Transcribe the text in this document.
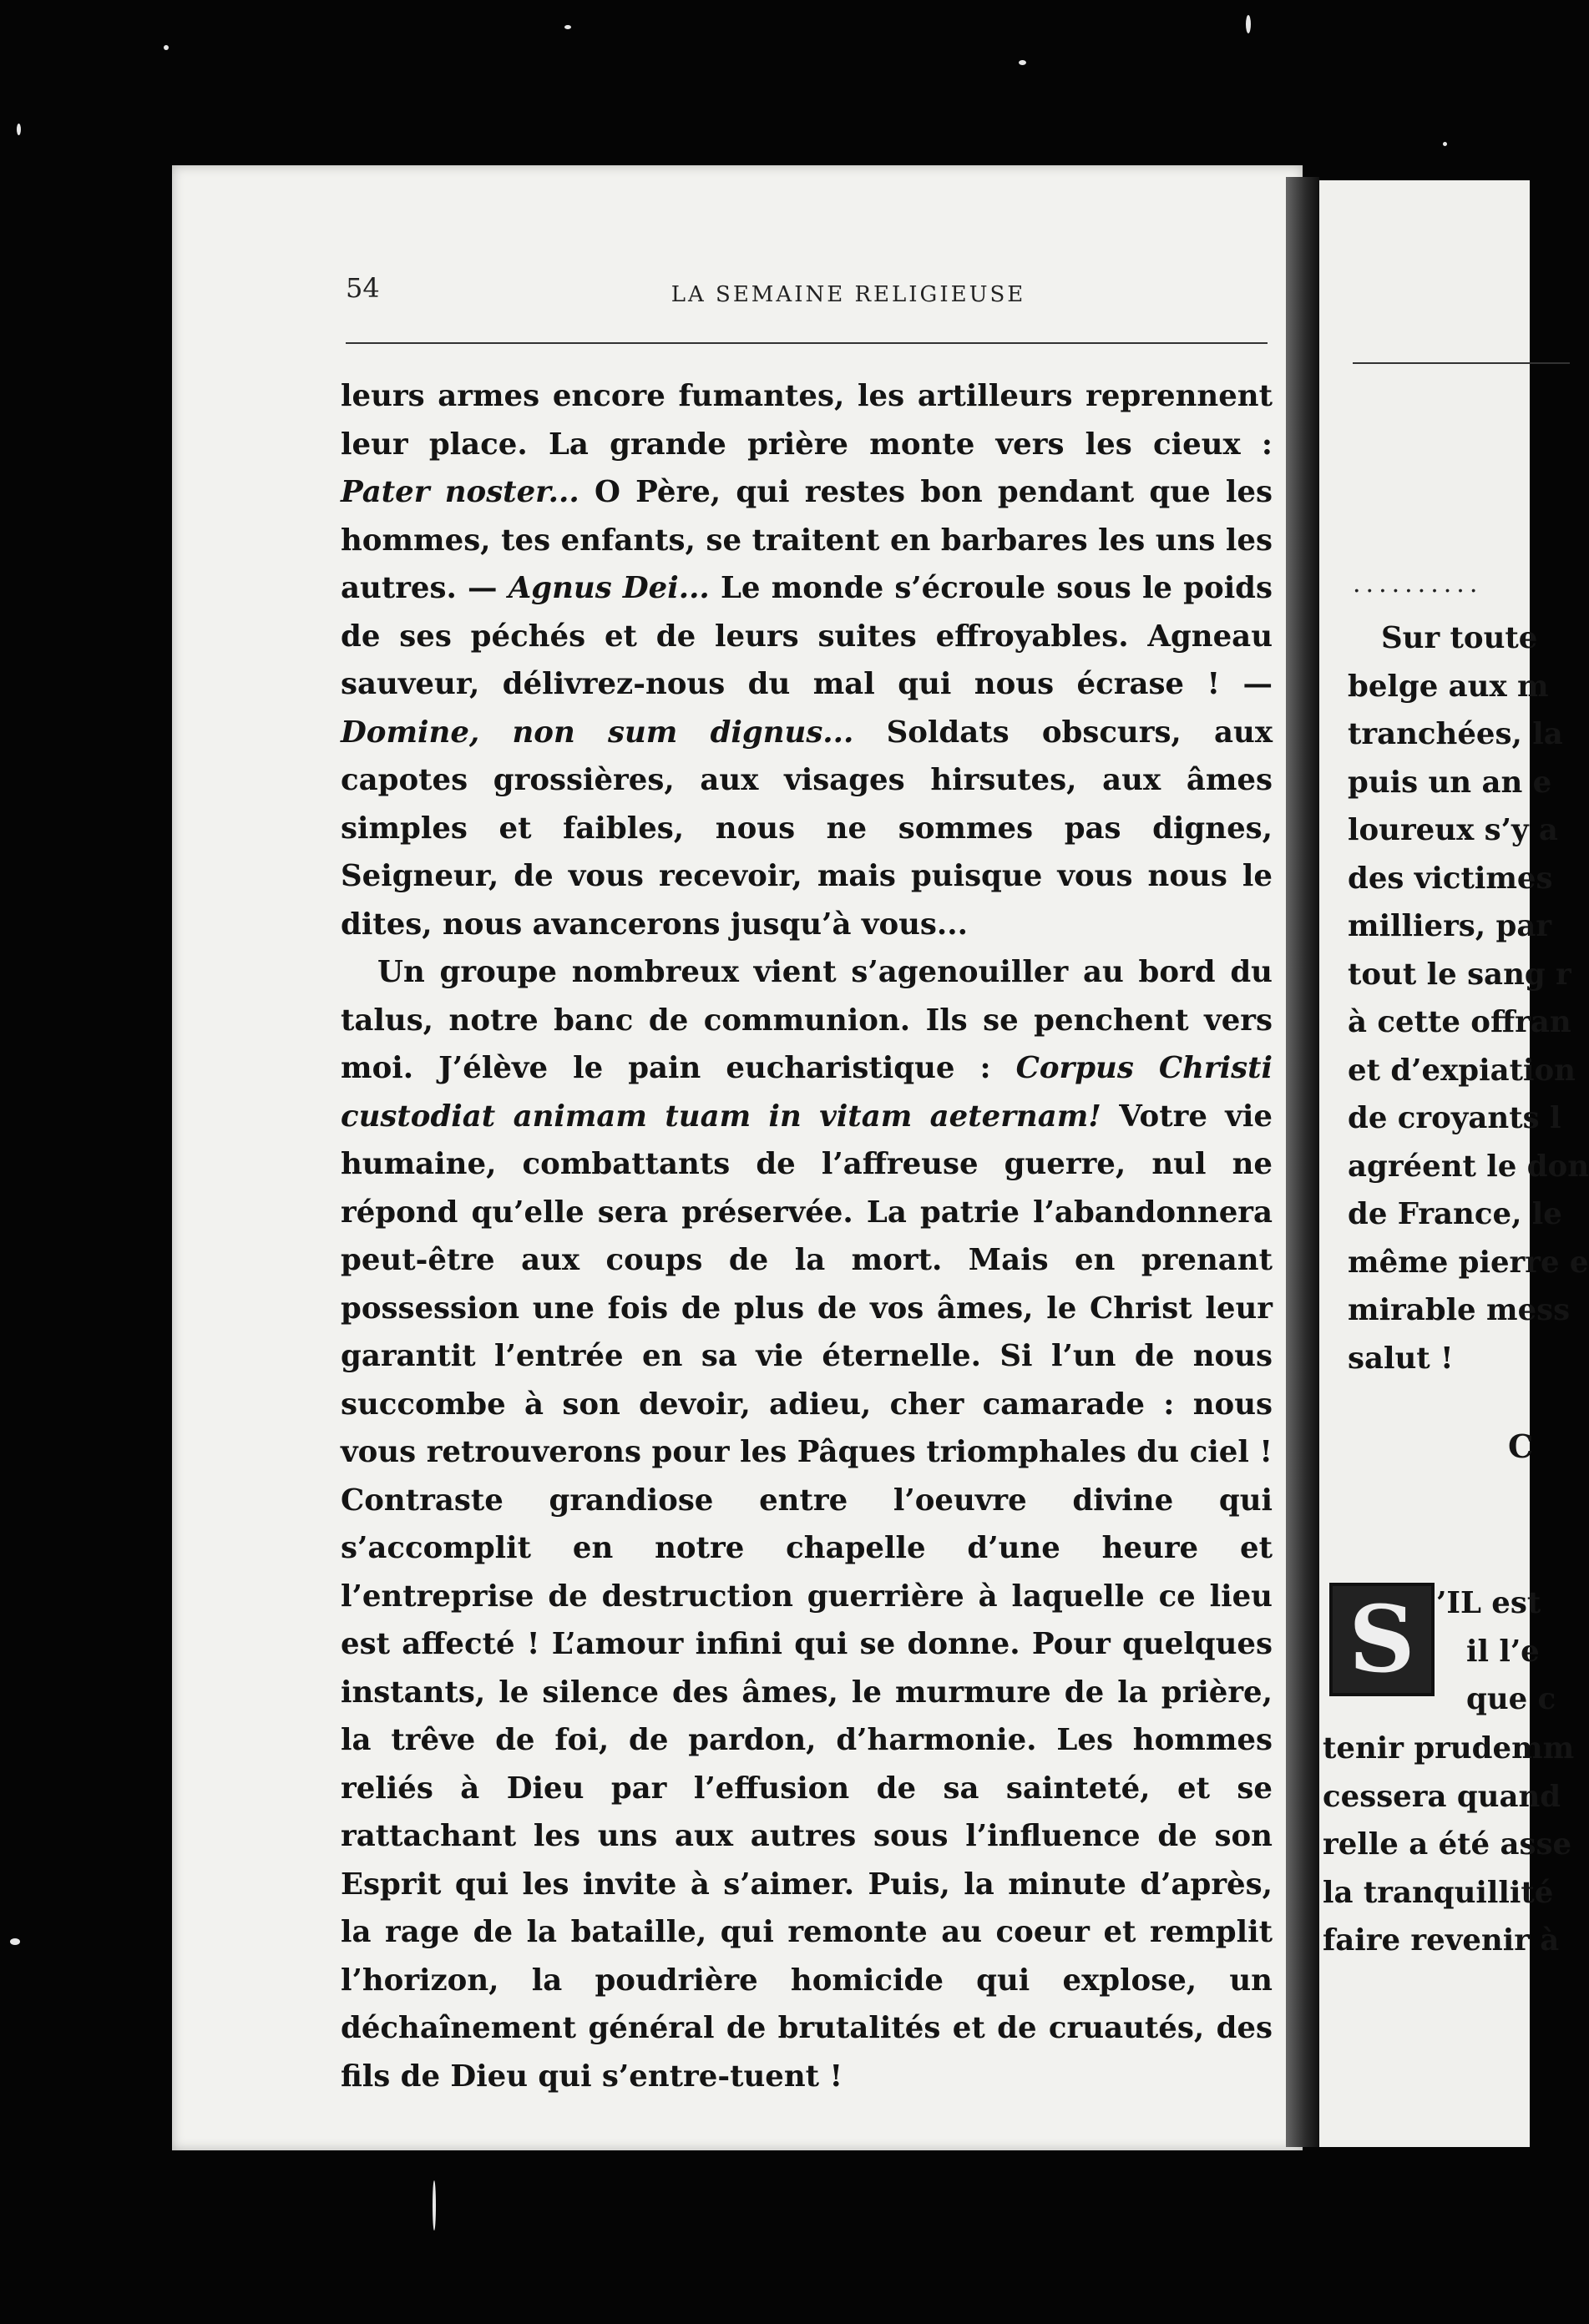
54	LA SEMAINE RELIGIEUSE

leurs armes encore fumantes, les artilleurs reprennent leur place. La grande prière monte vers les cieux : Pater noster... O Père, qui restes bon pendant que les hommes, tes enfants, se traitent en barbares les uns les autres. — Agnus Dei... Le monde s’écroule sous le poids de ses péchés et de leurs suites effroyables. Agneau sauveur, délivrez-nous du mal qui nous écrase ! — Domine, non sum dignus... Soldats obscurs, aux capotes grossières, aux visages hirsutes, aux âmes simples et faibles, nous ne sommes pas dignes, Seigneur, de vous recevoir, mais puisque vous nous le dites, nous avancerons jusqu’à vous...

Un groupe nombreux vient s’agenouiller au bord du talus, notre banc de communion. Ils se penchent vers moi. J’élève le pain eucharistique : Corpus Christi custodiat animam tuam in vitam aeternam! Votre vie humaine, combattants de l’affreuse guerre, nul ne répond qu’elle sera préservée. La patrie l’abandonnera peut-être aux coups de la mort. Mais en prenant possession une fois de plus de vos âmes, le Christ leur garantit l’entrée en sa vie éternelle. Si l’un de nous succombe à son devoir, adieu, cher camarade : nous vous retrouverons pour les Pâques triomphales du ciel ! Contraste grandiose entre l’oeuvre divine qui s’accomplit en notre chapelle d’une heure et l’entreprise de destruction guerrière à laquelle ce lieu est affecté ! L’amour infini qui se donne. Pour quelques instants, le silence des âmes, le murmure de la prière, la trêve de foi, de pardon, d’harmonie. Les hommes reliés à Dieu par l’effusion de sa sainteté, et se rattachant les uns aux autres sous l’influence de son Esprit qui les invite à s’aimer. Puis, la minute d’après, la rage de la bataille, qui remonte au coeur et remplit l’horizon, la poudrière homicide qui explose, un déchaînement général de brutalités et de cruautés, des fils de Dieu qui s’entre-tuent !

..........
Sur toute
belge aux m
tranchées, la
puis un an e
loureux s’y a
des victimes
milliers, par
tout le sang r
à cette offran
et d’expiation
de croyants l
agréent le don
de France, le
même pierre e
mirable mess
salut !
C
S ’IL est
il l’e
que c
tenir prudemm
cessera quand
relle a été asse
la tranquillité
faire revenir à
